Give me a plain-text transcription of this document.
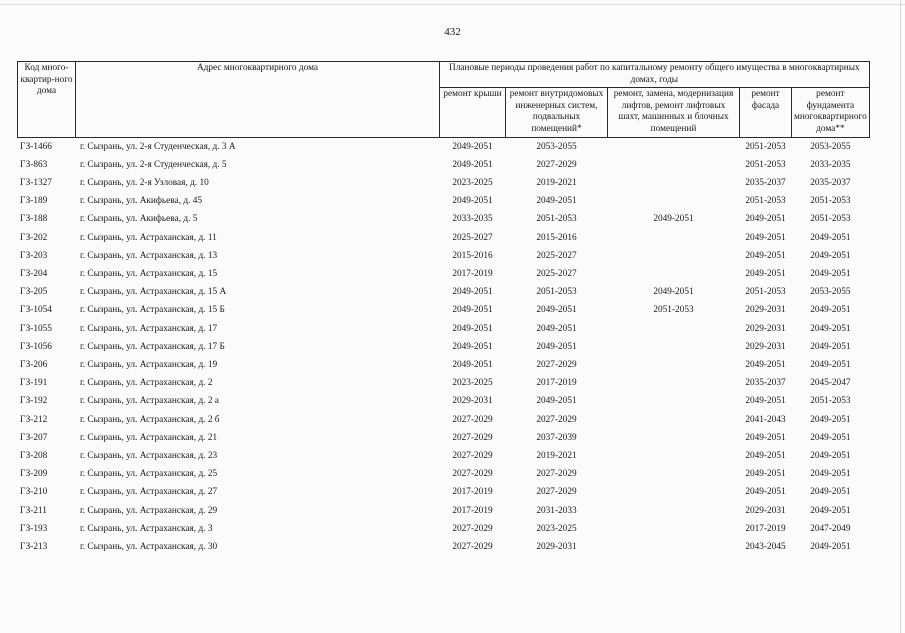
432
Код много-квартир-ного дома	Адрес многоквартирного дома	Плановые периоды проведения работ по капитальному ремонту общего имущества в многоквартирных домах, годы				
		ремонт крыши	ремонт внутридомовых инженерных систем, подвальных помещений*	ремонт, замена, модернизация лифтов, ремонт лифтовых шахт, машинных и блочных помещений	ремонт фасада	ремонт фундамента многоквартирного дома**
ГЗ-1466	г. Сызрань, ул. 2-я Студенческая, д. 3 А	2049-2051	2053-2055		2051-2053	2053-2055
ГЗ-863	г. Сызрань, ул. 2-я Студенческая, д. 5	2049-2051	2027-2029		2051-2053	2033-2035
ГЗ-1327	г. Сызрань, ул. 2-я Узловая, д. 10	2023-2025	2019-2021		2035-2037	2035-2037
ГЗ-189	г. Сызрань, ул. Акифьева, д. 45	2049-2051	2049-2051		2051-2053	2051-2053
ГЗ-188	г. Сызрань, ул. Акифьева, д. 5	2033-2035	2051-2053	2049-2051	2049-2051	2051-2053
ГЗ-202	г. Сызрань, ул. Астраханская, д. 11	2025-2027	2015-2016		2049-2051	2049-2051
ГЗ-203	г. Сызрань, ул. Астраханская, д. 13	2015-2016	2025-2027		2049-2051	2049-2051
ГЗ-204	г. Сызрань, ул. Астраханская, д. 15	2017-2019	2025-2027		2049-2051	2049-2051
ГЗ-205	г. Сызрань, ул. Астраханская, д. 15 А	2049-2051	2051-2053	2049-2051	2051-2053	2053-2055
ГЗ-1054	г. Сызрань, ул. Астраханская, д. 15 Б	2049-2051	2049-2051	2051-2053	2029-2031	2049-2051
ГЗ-1055	г. Сызрань, ул. Астраханская, д. 17	2049-2051	2049-2051		2029-2031	2049-2051
ГЗ-1056	г. Сызрань, ул. Астраханская, д. 17 Б	2049-2051	2049-2051		2029-2031	2049-2051
ГЗ-206	г. Сызрань, ул. Астраханская, д. 19	2049-2051	2027-2029		2049-2051	2049-2051
ГЗ-191	г. Сызрань, ул. Астраханская, д. 2	2023-2025	2017-2019		2035-2037	2045-2047
ГЗ-192	г. Сызрань, ул. Астраханская, д. 2 а	2029-2031	2049-2051		2049-2051	2051-2053
ГЗ-212	г. Сызрань, ул. Астраханская, д. 2 б	2027-2029	2027-2029		2041-2043	2049-2051
ГЗ-207	г. Сызрань, ул. Астраханская, д. 21	2027-2029	2037-2039		2049-2051	2049-2051
ГЗ-208	г. Сызрань, ул. Астраханская, д. 23	2027-2029	2019-2021		2049-2051	2049-2051
ГЗ-209	г. Сызрань, ул. Астраханская, д. 25	2027-2029	2027-2029		2049-2051	2049-2051
ГЗ-210	г. Сызрань, ул. Астраханская, д. 27	2017-2019	2027-2029		2049-2051	2049-2051
ГЗ-211	г. Сызрань, ул. Астраханская, д. 29	2017-2019	2031-2033		2029-2031	2049-2051
ГЗ-193	г. Сызрань, ул. Астраханская, д. 3	2027-2029	2023-2025		2017-2019	2047-2049
ГЗ-213	г. Сызрань, ул. Астраханская, д. 30	2027-2029	2029-2031		2043-2045	2049-2051
